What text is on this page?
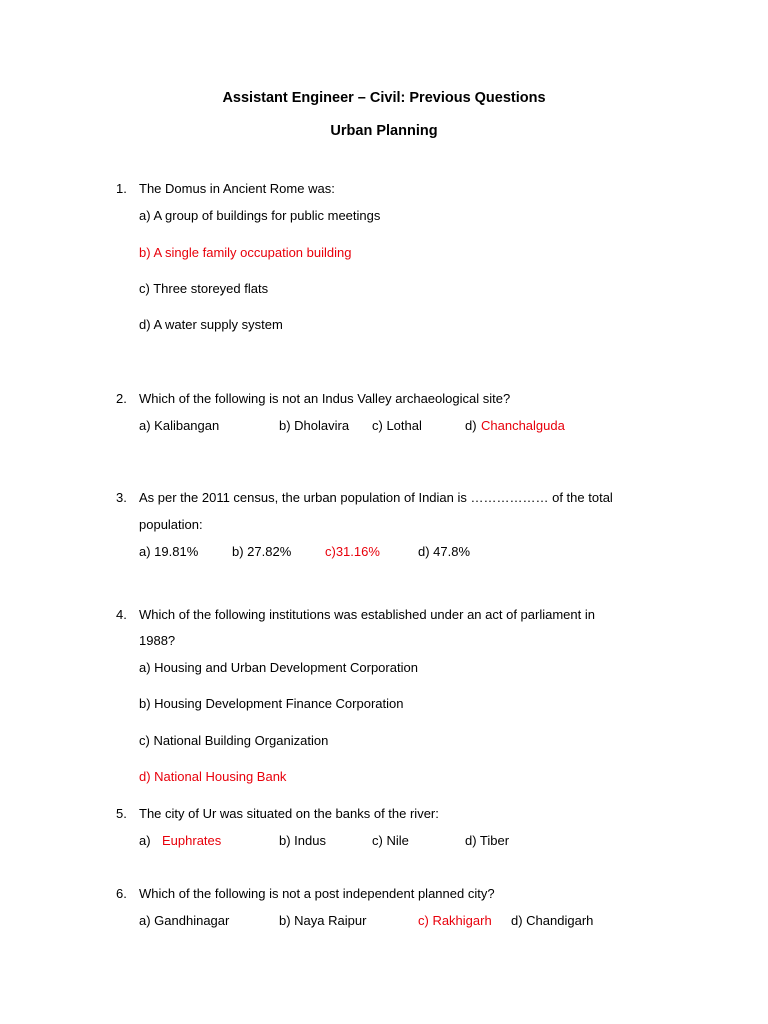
Assistant Engineer – Civil: Previous Questions
Urban Planning
1. The Domus in Ancient Rome was:
a) A group of buildings for public meetings
b) A single family occupation building
c) Three storeyed flats
d) A water supply system
2. Which of the following is not an Indus Valley archaeological site?
a) Kalibangan	b) Dholavira c) Lothal	d) Chanchalguda
3. As per the 2011 census, the urban population of Indian is ……………… of the total
population:
a) 19.81%	b) 27.82%	c)31.16%	d) 47.8%
4. Which of the following institutions was established under an act of parliament in
1988?
a) Housing and Urban Development Corporation
b) Housing Development Finance Corporation
c) National Building Organization
d) National Housing Bank
5. The city of Ur was situated on the banks of the river:
a) Euphrates	b) Indus	c) Nile	d) Tiber
6. Which of the following is not a post independent planned city?
a) Gandhinagar	b) Naya Raipur	c) Rakhigarh d) Chandigarh
